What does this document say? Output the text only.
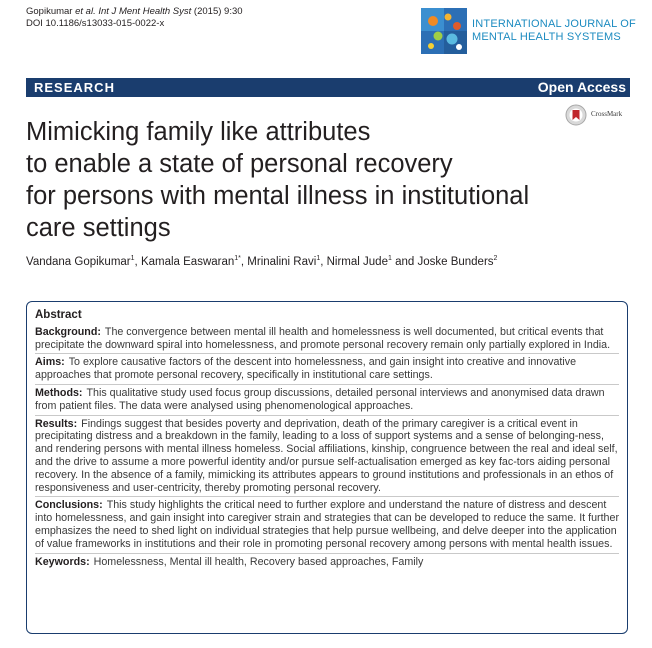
Gopikumar et al. Int J Ment Health Syst (2015) 9:30
DOI 10.1186/s13033-015-0022-x	INTERNATIONAL JOURNAL OF
MENTAL HEALTH SYSTEMS
RESEARCH	Open Access
CrossMark
Mimicking family like attributes
to enable a state of personal recovery
for persons with mental illness in institutional
care settings
Vandana Gopikumar$^1$, Kamala Easwaran$^{1*}$, Mrinalini Ravi$^1$, Nirmal Jude$^1$ and Joske Bunders$^2$
Abstract
Background: The convergence between mental ill health and homelessness is well documented, but critical events that precipitate the downward spiral into homelessness, and promote personal recovery remain only partially explored in India.
Aims: To explore causative factors of the descent into homelessness, and gain insight into creative and innovative approaches that promote personal recovery, specifically in institutional care settings.
Methods: This qualitative study used focus group discussions, detailed personal interviews and anonymised data drawn from patient files. The data were analysed using phenomenological approaches.
Results: Findings suggest that besides poverty and deprivation, death of the primary caregiver is a critical event in precipitating distress and a breakdown in the family, leading to a loss of support systems and a sense of belonging-ness, and rendering persons with mental illness homeless. Social affiliations, kinship, congruence between the real and ideal self, and the drive to assume a more powerful identity and/or pursue self-actualisation emerged as key fac-tors aiding personal recovery. In the absence of a family, mimicking its attributes appears to ground institutions and professionals in an ethos of responsiveness and user-centricity, thereby promoting personal recovery.
Conclusions: This study highlights the critical need to further explore and understand the nature of distress and descent into homelessness, and gain insight into caregiver strain and strategies that can be developed to reduce the same. It further emphasizes the need to shed light on individual strategies that help pursue wellbeing, and delve deeper into the application of value frameworks in institutions and their role in promoting personal recovery among persons with mental health issues.
Keywords: Homelessness, Mental ill health, Recovery based approaches, Family
